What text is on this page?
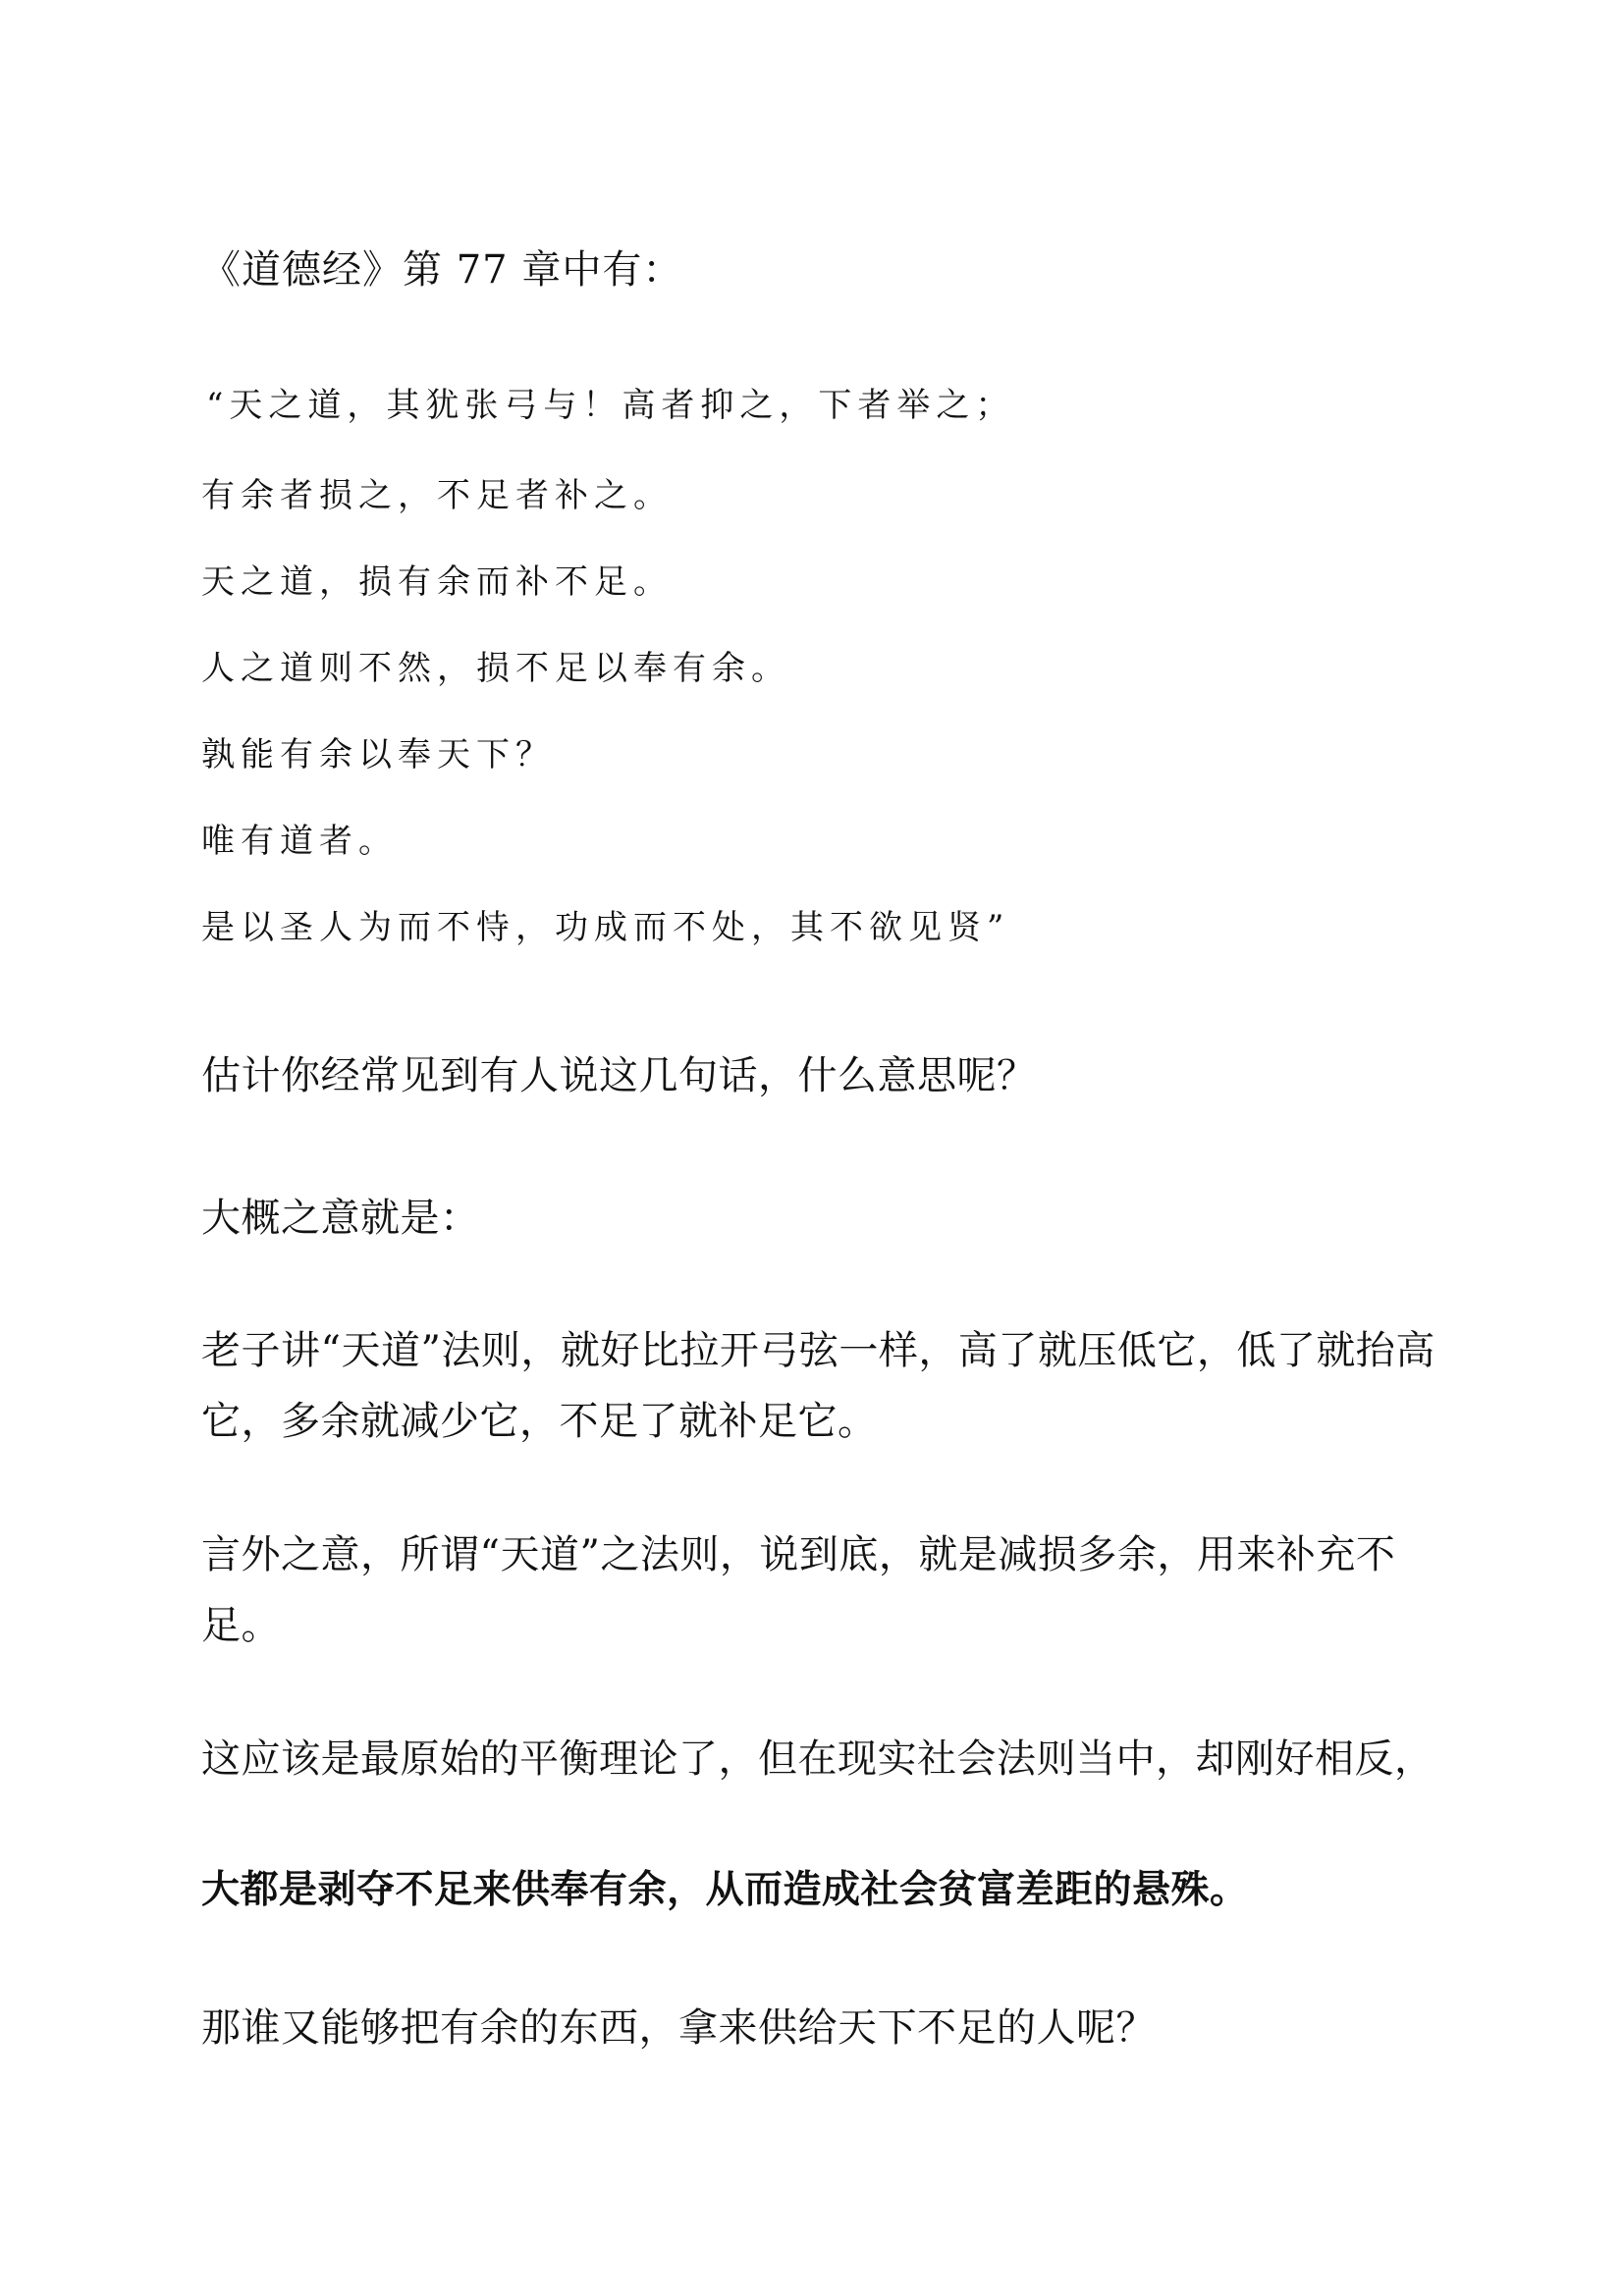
《道德经》第 77 章中有：
“天之道，其犹张弓与！高者抑之，下者举之；
有余者损之，不足者补之。
天之道，损有余而补不足。
人之道则不然，损不足以奉有余。
孰能有余以奉天下？
唯有道者。
是以圣人为而不恃，功成而不处，其不欲见贤”
估计你经常见到有人说这几句话，什么意思呢？
大概之意就是：
老子讲“天道”法则，就好比拉开弓弦一样，高了就压低它，低了就抬高它，多余就减少它，不足了就补足它。
言外之意，所谓“天道”之法则，说到底，就是减损多余，用来补充不足。
这应该是最原始的平衡理论了，但在现实社会法则当中，却刚好相反，
大都是剥夺不足来供奉有余，从而造成社会贫富差距的悬殊。
那谁又能够把有余的东西，拿来供给天下不足的人呢？
